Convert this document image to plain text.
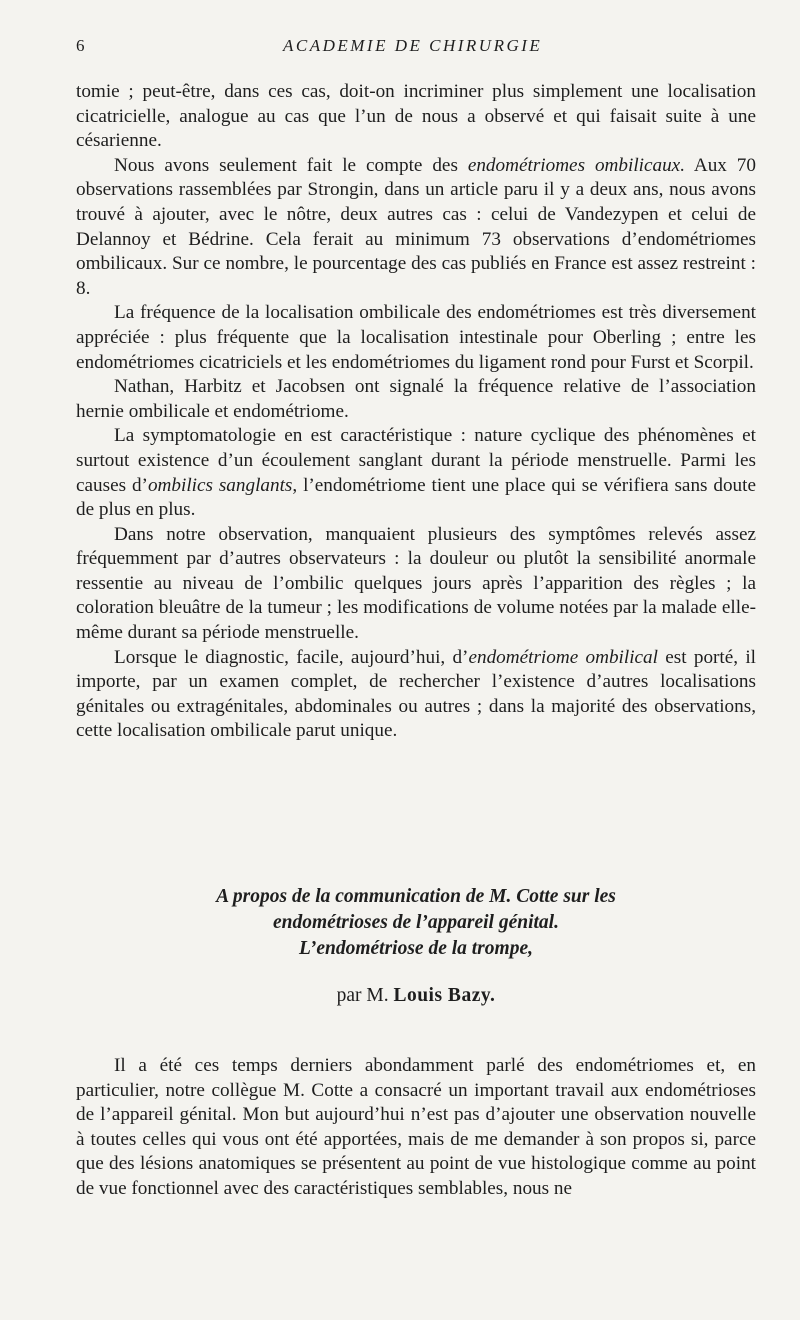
6	ACADEMIE DE CHIRURGIE

tomie ; peut-être, dans ces cas, doit-on incriminer plus simplement une localisation cicatricielle, analogue au cas que l’un de nous a observé et qui faisait suite à une césarienne.

Nous avons seulement fait le compte des endométriomes ombilicaux. Aux 70 observations rassemblées par Strongin, dans un article paru il y a deux ans, nous avons trouvé à ajouter, avec le nôtre, deux autres cas : celui de Vandezypen et celui de Delannoy et Bédrine. Cela ferait au minimum 73 observations d’endométriomes ombilicaux. Sur ce nombre, le pourcentage des cas publiés en France est assez restreint : 8.

La fréquence de la localisation ombilicale des endométriomes est très diversement appréciée : plus fréquente que la localisation intestinale pour Oberling ; entre les endométriomes cicatriciels et les endométriomes du ligament rond pour Furst et Scorpil.

Nathan, Harbitz et Jacobsen ont signalé la fréquence relative de l’association hernie ombilicale et endométriome.

La symptomatologie en est caractéristique : nature cyclique des phénomènes et surtout existence d’un écoulement sanglant durant la période menstruelle. Parmi les causes d’ombilics sanglants, l’endométriome tient une place qui se vérifiera sans doute de plus en plus.

Dans notre observation, manquaient plusieurs des symptômes relevés assez fréquemment par d’autres observateurs : la douleur ou plutôt la sensibilité anormale ressentie au niveau de l’ombilic quelques jours après l’apparition des règles ; la coloration bleuâtre de la tumeur ; les modifications de volume notées par la malade elle-même durant sa période menstruelle.

Lorsque le diagnostic, facile, aujourd’hui, d’endométriome ombilical est porté, il importe, par un examen complet, de rechercher l’existence d’autres localisations génitales ou extragénitales, abdominales ou autres ; dans la majorité des observations, cette localisation ombilicale parut unique.

A propos de la communication de M. Cotte sur les
endométrioses de l’appareil génital.
L’endométriose de la trompe,
par M. Louis Bazy.

Il a été ces temps derniers abondamment parlé des endométriomes et, en particulier, notre collègue M. Cotte a consacré un important travail aux endométrioses de l’appareil génital. Mon but aujourd’hui n’est pas d’ajouter une observation nouvelle à toutes celles qui vous ont été apportées, mais de me demander à son propos si, parce que des lésions anatomiques se présentent au point de vue histologique comme au point de vue fonctionnel avec des caractéristiques semblables, nous ne
